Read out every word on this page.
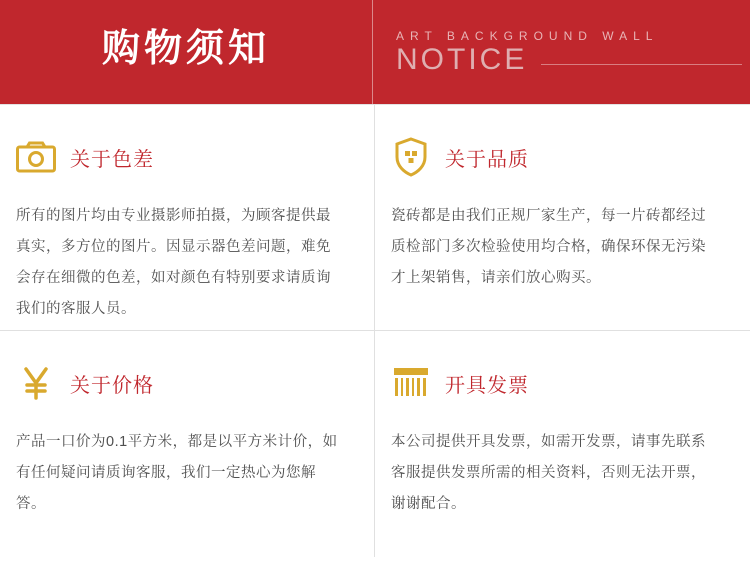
购物须知	ART BACKGROUND WALL
NOTICE
关于色差
所有的图片均由专业摄影师拍摄，为顾客提供最真实，多方位的图片。因显示器色差问题，难免会存在细微的色差，如对颜色有特别要求请质询我们的客服人员。
关于品质
瓷砖都是由我们正规厂家生产，每一片砖都经过质检部门多次检验使用均合格，确保环保无污染才上架销售，请亲们放心购买。
关于价格
产品一口价为0.1平方米，都是以平方米计价，如有任何疑问请质询客服，我们一定热心为您解答。
开具发票
本公司提供开具发票，如需开发票，请事先联系客服提供发票所需的相关资料，否则无法开票，谢谢配合。
